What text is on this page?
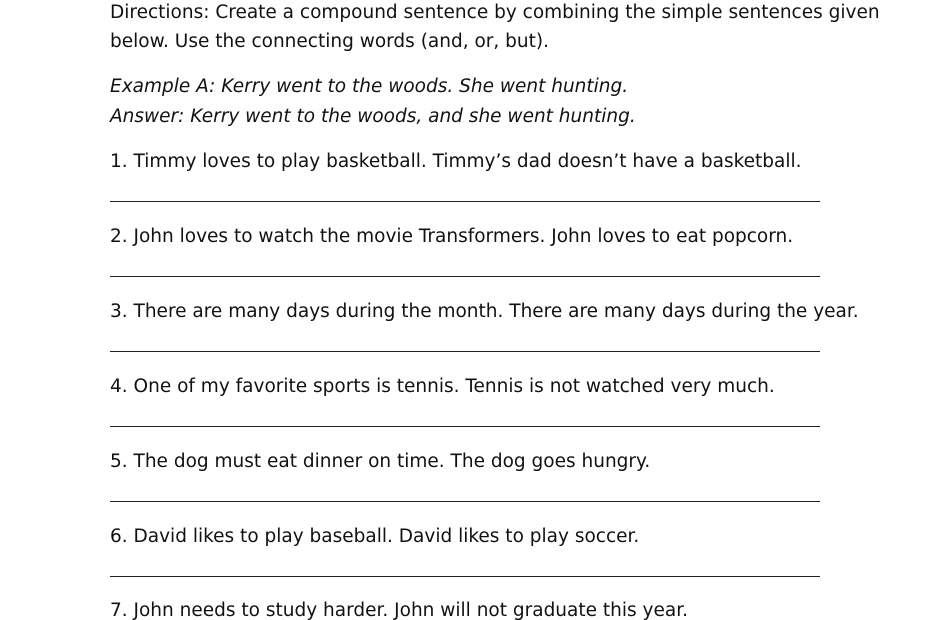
Directions: Create a compound sentence by combining the simple sentences given
below. Use the connecting words (and, or, but).
Example A: Kerry went to the woods. She went hunting.
Answer: Kerry went to the woods, and she went hunting.
1. Timmy loves to play basketball. Timmy’s dad doesn’t have a basketball.
2. John loves to watch the movie Transformers. John loves to eat popcorn.
3. There are many days during the month. There are many days during the year.
4. One of my favorite sports is tennis. Tennis is not watched very much.
5. The dog must eat dinner on time. The dog goes hungry.
6. David likes to play baseball. David likes to play soccer.
7. John needs to study harder. John will not graduate this year.
